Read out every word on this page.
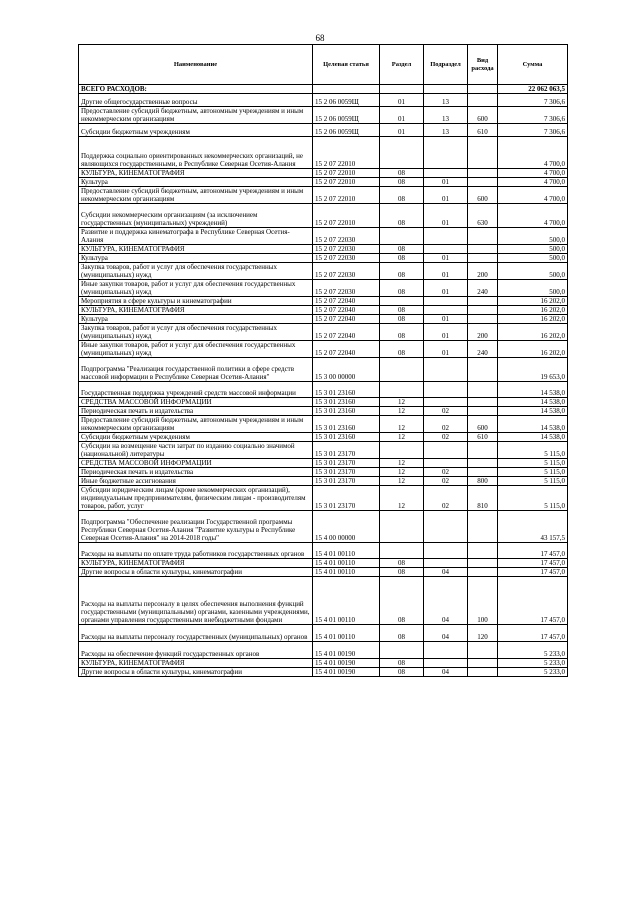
68
Наименование	Целевая статья	Раздел	Подраздел	Вид расхода	Сумма
ВСЕГО РАСХОДОВ:					22 062 063,5
Другие общегосударственные вопросы	15 2 06 0059Щ	01	13		7 306,6
Предоставление субсидий бюджетным, автономным учреждениям и иным некоммерческим организациям	15 2 06 0059Щ	01	13	600	7 306,6
Субсидии бюджетным учреждениям	15 2 06 0059Щ	01	13	610	7 306,6
Поддержка социально ориентированных некоммерческих организаций, не являющихся государственными, в Республике Северная Осетия-Алания	15 2 07 22010				4 700,0
КУЛЬТУРА, КИНЕМАТОГРАФИЯ	15 2 07 22010	08			4 700,0
Культура	15 2 07 22010	08	01		4 700,0
Предоставление субсидий бюджетным, автономным учреждениям и иным некоммерческим организациям	15 2 07 22010	08	01	600	4 700,0
Субсидии некоммерческим организациям (за исключением государственных (муниципальных) учреждений)	15 2 07 22010	08	01	630	4 700,0
Развитие и поддержка кинематографа в Республике Северная Осетия-Алания	15 2 07 22030				500,0
КУЛЬТУРА, КИНЕМАТОГРАФИЯ	15 2 07 22030	08			500,0
Культура	15 2 07 22030	08	01		500,0
Закупка товаров, работ и услуг для обеспечения государственных (муниципальных) нужд	15 2 07 22030	08	01	200	500,0
Иные закупки товаров, работ и услуг для обеспечения государственных (муниципальных) нужд	15 2 07 22030	08	01	240	500,0
Мероприятия в сфере культуры и кинематографии	15 2 07 22040				16 202,0
КУЛЬТУРА, КИНЕМАТОГРАФИЯ	15 2 07 22040	08			16 202,0
Культура	15 2 07 22040	08	01		16 202,0
Закупка товаров, работ и услуг для обеспечения государственных (муниципальных) нужд	15 2 07 22040	08	01	200	16 202,0
Иные закупки товаров, работ и услуг для обеспечения государственных (муниципальных) нужд	15 2 07 22040	08	01	240	16 202,0
Подпрограмма "Реализация государственной политики в сфере средств массовой информации в Республике Северная Осетия-Алания"	15 3 00 00000				19 653,0
Государственная поддержка учреждений средств массовой информации	15 3 01 23160				14 538,0
СРЕДСТВА МАССОВОЙ ИНФОРМАЦИИ	15 3 01 23160	12			14 538,0
Периодическая печать и издательства	15 3 01 23160	12	02		14 538,0
Предоставление субсидий бюджетным, автономным учреждениям и иным некоммерческим организациям	15 3 01 23160	12	02	600	14 538,0
Субсидии бюджетным учреждениям	15 3 01 23160	12	02	610	14 538,0
Субсидии на возмещение части затрат по изданию социально значимой (национальной) литературы	15 3 01 23170				5 115,0
СРЕДСТВА МАССОВОЙ ИНФОРМАЦИИ	15 3 01 23170	12			5 115,0
Периодическая печать и издательства	15 3 01 23170	12	02		5 115,0
Иные бюджетные ассигнования	15 3 01 23170	12	02	800	5 115,0
Субсидии юридическим лицам (кроме некоммерческих организаций), индивидуальным предпринимателям, физическим лицам - производителям товаров, работ, услуг	15 3 01 23170	12	02	810	5 115,0
Подпрограмма "Обеспечение реализации Государственной программы Республики Северная Осетия-Алания "Развитие культуры в Республике Северная Осетия-Алания" на 2014-2018 годы"	15 4 00 00000				43 157,5
Расходы на выплаты по оплате труда работников государственных органов	15 4 01 00110				17 457,0
КУЛЬТУРА, КИНЕМАТОГРАФИЯ	15 4 01 00110	08			17 457,0
Другие вопросы в области культуры, кинематографии	15 4 01 00110	08	04		17 457,0
Расходы на выплаты персоналу в целях обеспечения выполнения функций государственными (муниципальными) органами, казенными учреждениями, органами управления государственными внебюджетными фондами	15 4 01 00110	08	04	100	17 457,0
Расходы на выплаты персоналу государственных (муниципальных) органов	15 4 01 00110	08	04	120	17 457,0
Расходы на обеспечение функций государственных органов	15 4 01 00190				5 233,0
КУЛЬТУРА, КИНЕМАТОГРАФИЯ	15 4 01 00190	08			5 233,0
Другие вопросы в области культуры, кинематографии	15 4 01 00190	08	04		5 233,0
